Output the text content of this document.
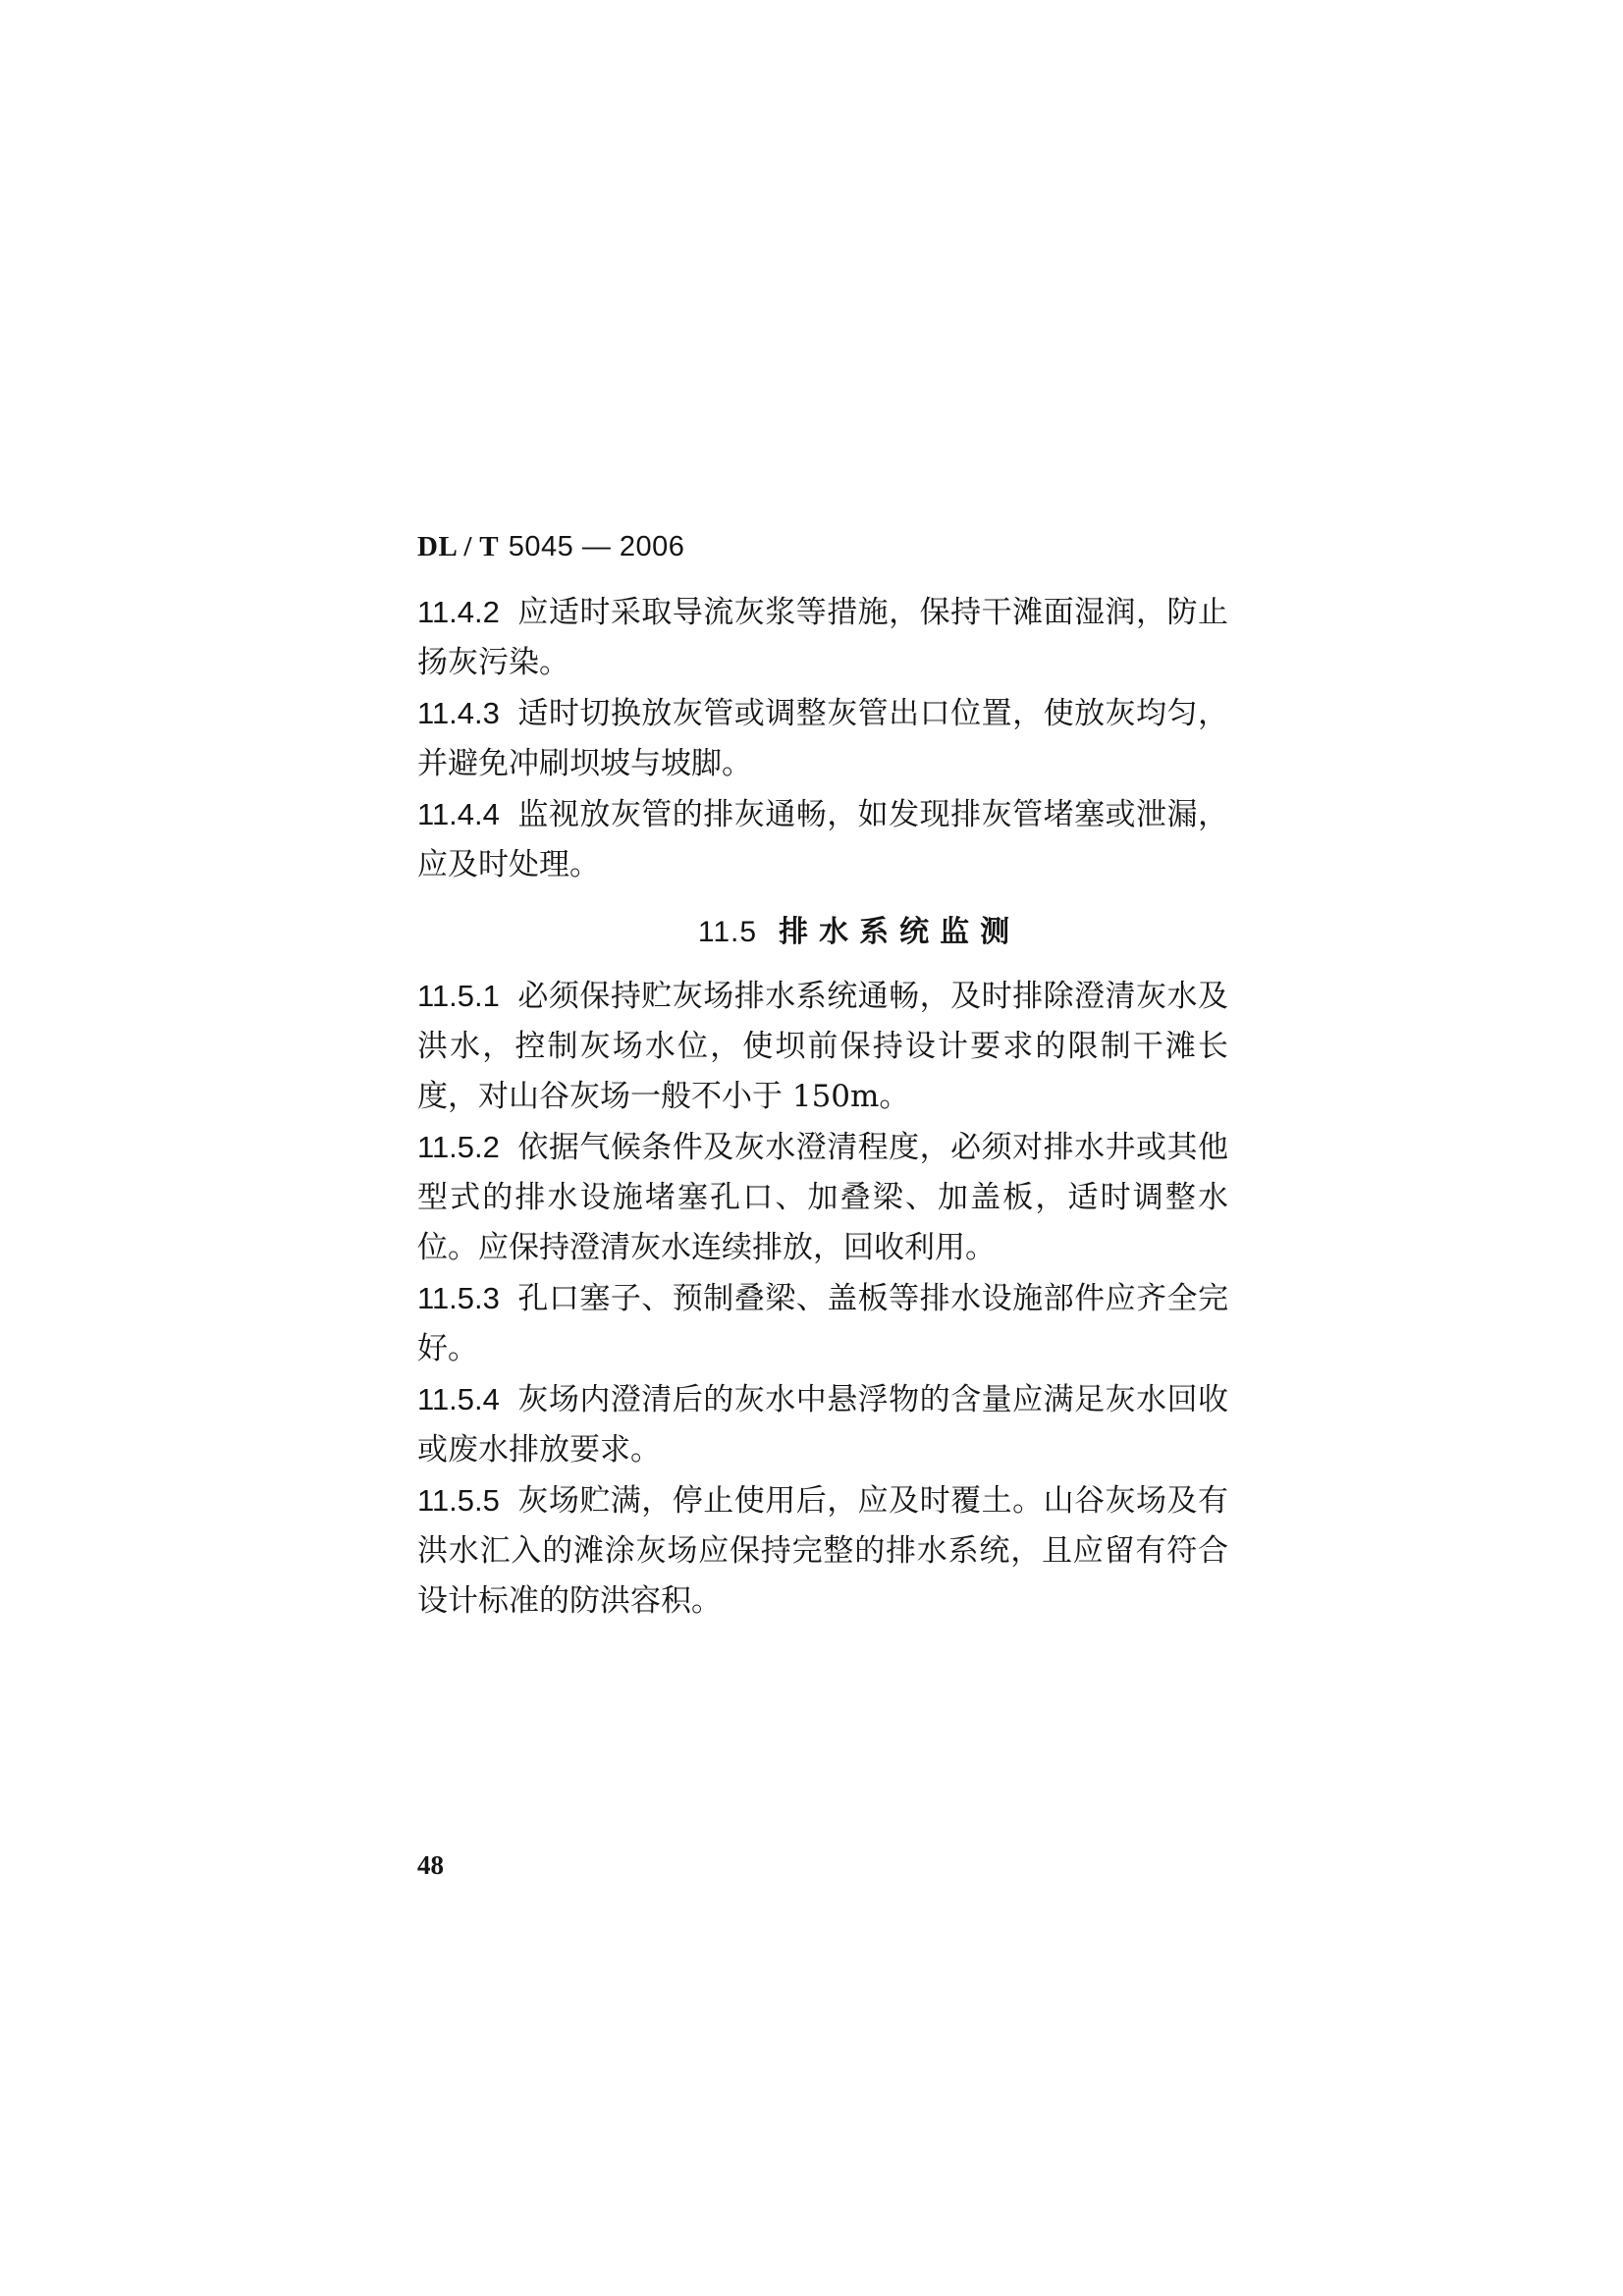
DL / T 5045 — 2006

11.4.2 应适时采取导流灰浆等措施，保持干滩面湿润，防止扬灰污染。

11.4.3 适时切换放灰管或调整灰管出口位置，使放灰均匀，并避免冲刷坝坡与坡脚。

11.4.4 监视放灰管的排灰通畅，如发现排灰管堵塞或泄漏，应及时处理。

11.5 排水系统监测

11.5.1 必须保持贮灰场排水系统通畅，及时排除澄清灰水及洪水，控制灰场水位，使坝前保持设计要求的限制干滩长度，对山谷灰场一般不小于 150m。

11.5.2 依据气候条件及灰水澄清程度，必须对排水井或其他型式的排水设施堵塞孔口、加叠梁、加盖板，适时调整水位。应保持澄清灰水连续排放，回收利用。

11.5.3 孔口塞子、预制叠梁、盖板等排水设施部件应齐全完好。

11.5.4 灰场内澄清后的灰水中悬浮物的含量应满足灰水回收或废水排放要求。

11.5.5 灰场贮满，停止使用后，应及时覆土。山谷灰场及有洪水汇入的滩涂灰场应保持完整的排水系统，且应留有符合设计标准的防洪容积。

48
